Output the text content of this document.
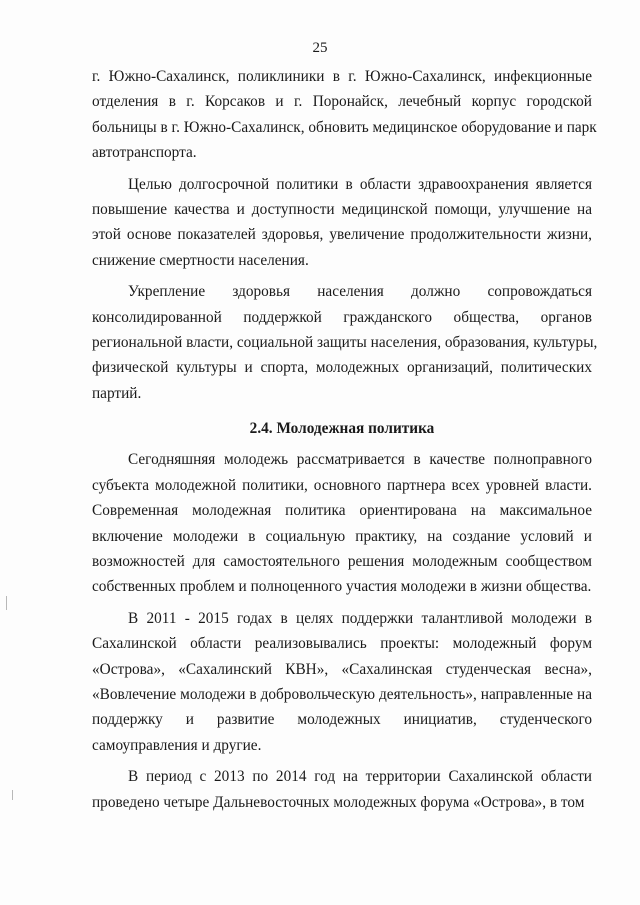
25
г. Южно-Сахалинск, поликлиники в г. Южно-Сахалинск, инфекционные
отделения в г. Корсаков и г. Поронайск, лечебный корпус городской
больницы в г. Южно-Сахалинск, обновить медицинское оборудование и парк
автотранспорта.
Целью долгосрочной политики в области здравоохранения является
повышение качества и доступности медицинской помощи, улучшение на
этой основе показателей здоровья, увеличение продолжительности жизни,
снижение смертности населения.
Укрепление здоровья населения должно сопровождаться
консолидированной поддержкой гражданского общества, органов
региональной власти, социальной защиты населения, образования, культуры,
физической культуры и спорта, молодежных организаций, политических
партий.
2.4. Молодежная политика
Сегодняшняя молодежь рассматривается в качестве полноправного
субъекта молодежной политики, основного партнера всех уровней власти.
Современная молодежная политика ориентирована на максимальное
включение молодежи в социальную практику, на создание условий и
возможностей для самостоятельного решения молодежным сообществом
собственных проблем и полноценного участия молодежи в жизни общества.
В 2011 - 2015 годах в целях поддержки талантливой молодежи в
Сахалинской области реализовывались проекты: молодежный форум
«Острова», «Сахалинский КВН», «Сахалинская студенческая весна»,
«Вовлечение молодежи в добровольческую деятельность», направленные на
поддержку и развитие молодежных инициатив, студенческого
самоуправления и другие.
В период с 2013 по 2014 год на территории Сахалинской области
проведено четыре Дальневосточных молодежных форума «Острова», в том
